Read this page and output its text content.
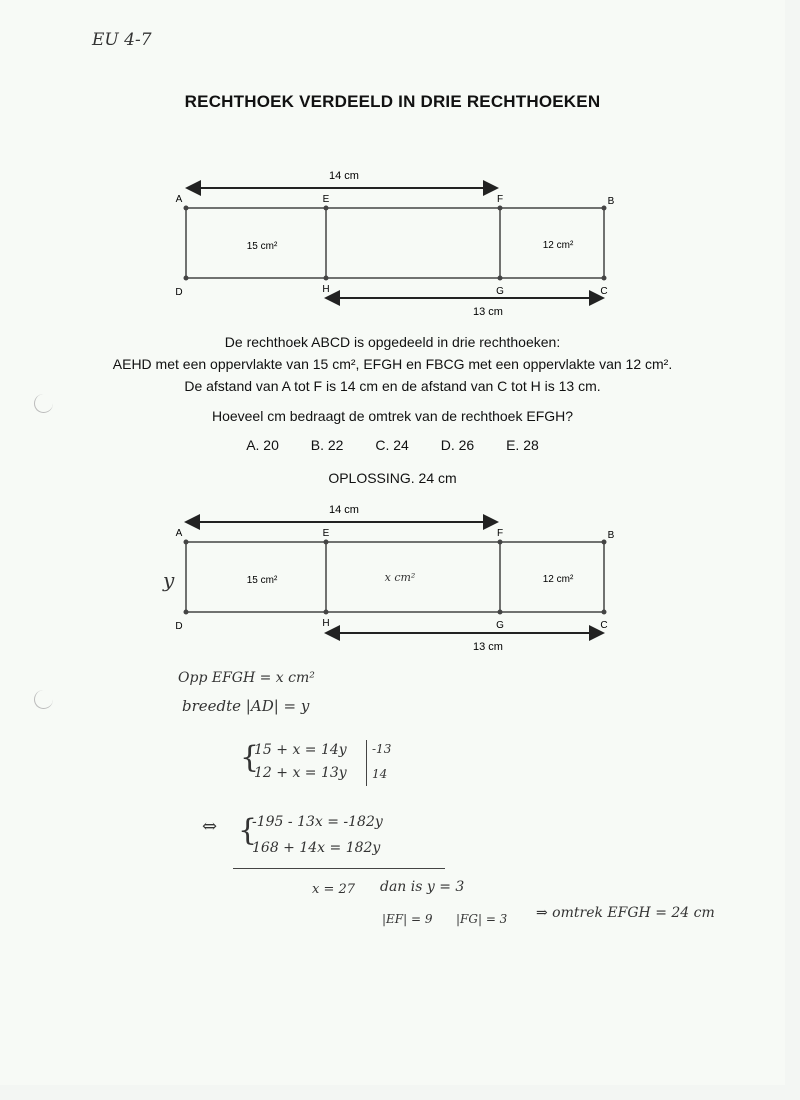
EU 4-7
RECHTHOEK VERDEELD IN DRIE RECHTHOEKEN
14 cm
A	E	F	B
D	H	G	C
15 cm²	12 cm²
13 cm
De rechthoek ABCD is opgedeeld in drie rechthoeken:
AEHD met een oppervlakte van 15 cm², EFGH en FBCG met een oppervlakte van 12 cm².
De afstand van A tot F is 14 cm en de afstand van C tot H is 13 cm.
Hoeveel cm bedraagt de omtrek van de rechthoek EFGH?
A. 20 B. 22 C. 24 D. 26 E. 28
OPLOSSING. 24 cm
14 cm
A	E	F	B
D	H	G	C
15 cm²	x cm²	12 cm²
y
13 cm
Opp EFGH = x cm²
breedte |AD| = y
{
15 + x = 14y
12 + x = 13y
-13
14
⇔ {
-195 - 13x = -182y
168 + 14x = 182y
x = 27 dan is y = 3
|EF| = 9 |FG| = 3 ⇒ omtrek EFGH = 24 cm
